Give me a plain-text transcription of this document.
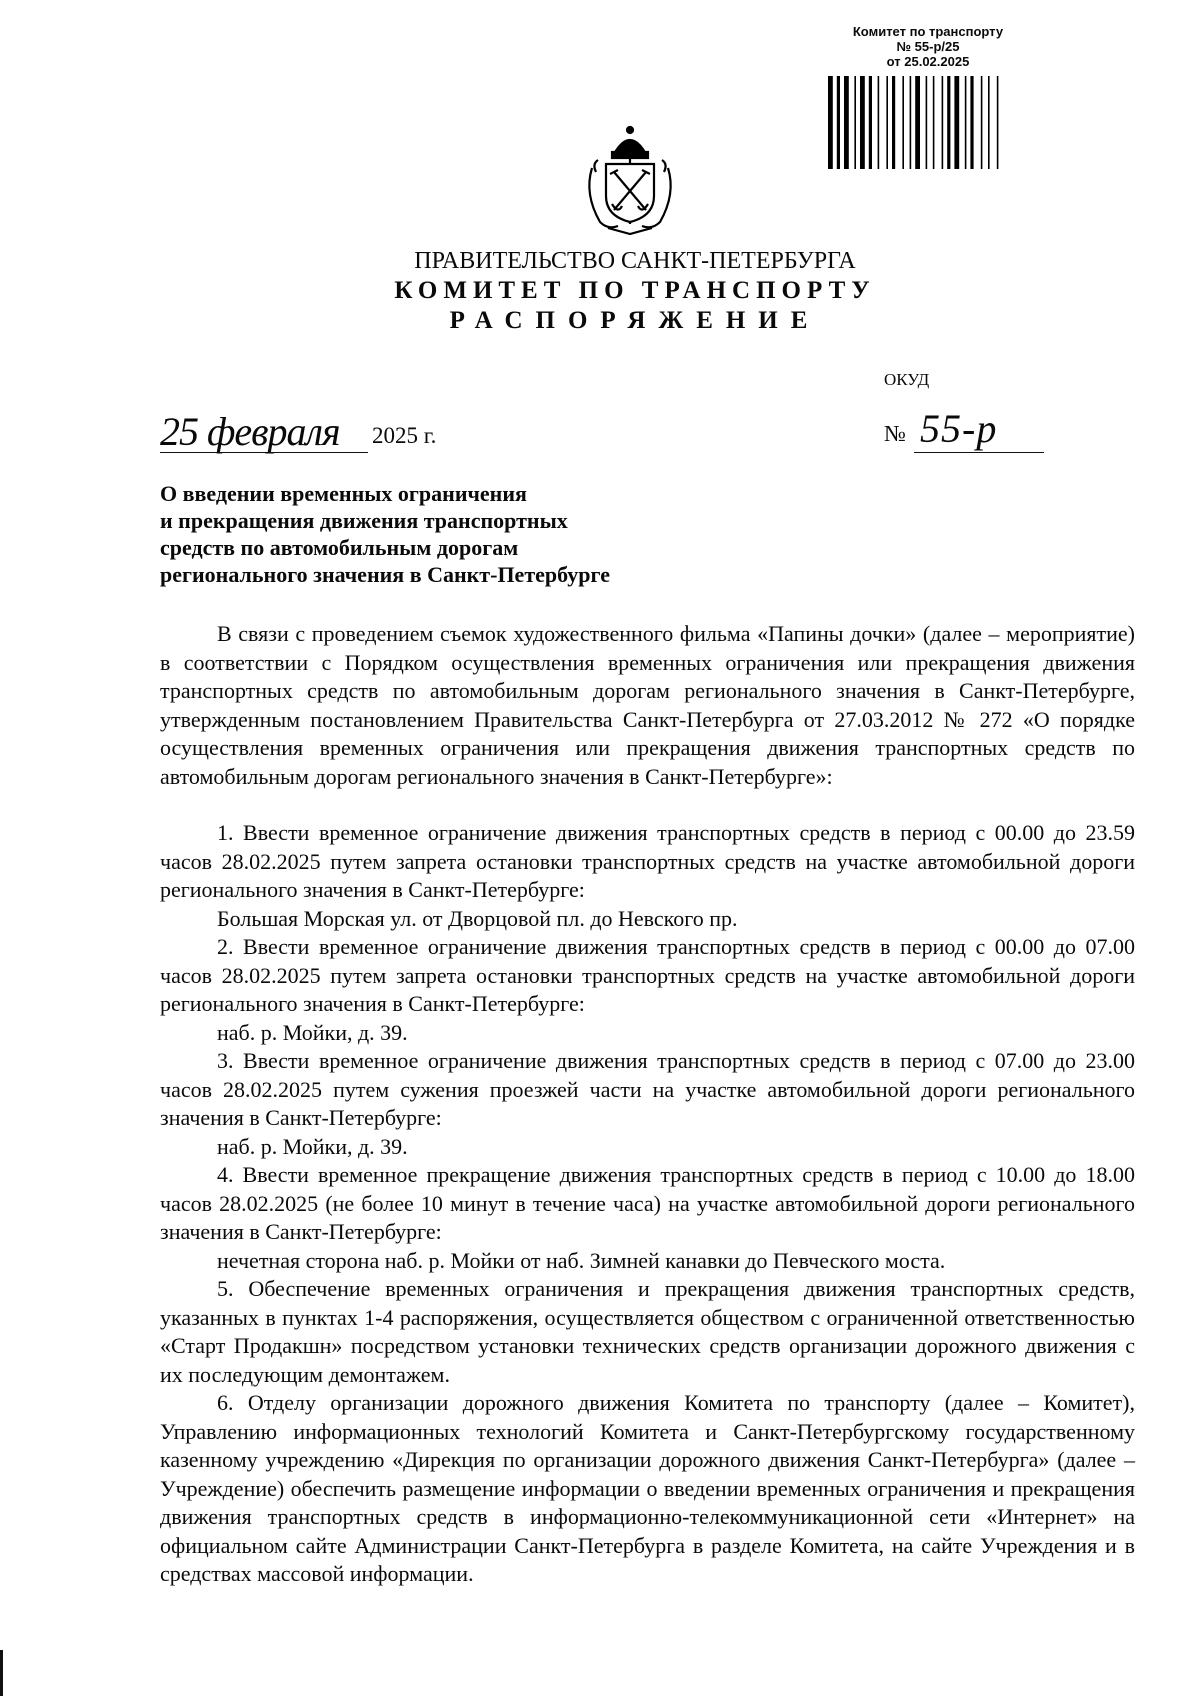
Комитет по транспорту
№ 55-р/25
от 25.02.2025
ПРАВИТЕЛЬСТВО САНКТ-ПЕТЕРБУРГА
КОМИТЕТ ПО ТРАНСПОРТУ
РАСПОРЯЖЕНИЕ
ОКУД
25 февраля 2025 г.	№ 55-р
О введении временных ограничения
и прекращения движения транспортных
средств по автомобильным дорогам
регионального значения в Санкт-Петербурге

В связи с проведением съемок художественного фильма «Папины дочки» (далее – мероприятие) в соответствии с Порядком осуществления временных ограничения или прекращения движения транспортных средств по автомобильным дорогам регионального значения в Санкт-Петербурге, утвержденным постановлением Правительства Санкт-Петербурга от 27.03.2012 № 272 «О порядке осуществления временных ограничения или прекращения движения транспортных средств по автомобильным дорогам регионального значения в Санкт-Петербурге»:

1. Ввести временное ограничение движения транспортных средств в период с 00.00 до 23.59 часов 28.02.2025 путем запрета остановки транспортных средств на участке автомобильной дороги регионального значения в Санкт-Петербурге:

Большая Морская ул. от Дворцовой пл. до Невского пр.

2. Ввести временное ограничение движения транспортных средств в период с 00.00 до 07.00 часов 28.02.2025 путем запрета остановки транспортных средств на участке автомобильной дороги регионального значения в Санкт-Петербурге:

наб. р. Мойки, д. 39.

3. Ввести временное ограничение движения транспортных средств в период с 07.00 до 23.00 часов 28.02.2025 путем сужения проезжей части на участке автомобильной дороги регионального значения в Санкт-Петербурге:

наб. р. Мойки, д. 39.

4. Ввести временное прекращение движения транспортных средств в период с 10.00 до 18.00 часов 28.02.2025 (не более 10 минут в течение часа) на участке автомобильной дороги регионального значения в Санкт-Петербурге:

нечетная сторона наб. р. Мойки от наб. Зимней канавки до Певческого моста.

5. Обеспечение временных ограничения и прекращения движения транспортных средств, указанных в пунктах 1-4 распоряжения, осуществляется обществом с ограниченной ответственностью «Старт Продакшн» посредством установки технических средств организации дорожного движения с их последующим демонтажем.

6. Отделу организации дорожного движения Комитета по транспорту (далее – Комитет), Управлению информационных технологий Комитета и Санкт-Петербургскому государственному казенному учреждению «Дирекция по организации дорожного движения Санкт-Петербурга» (далее – Учреждение) обеспечить размещение информации о введении временных ограничения и прекращения движения транспортных средств в информационно-телекоммуникационной сети «Интернет» на официальном сайте Администрации Санкт-Петербурга в разделе Комитета, на сайте Учреждения и в средствах массовой информации.
